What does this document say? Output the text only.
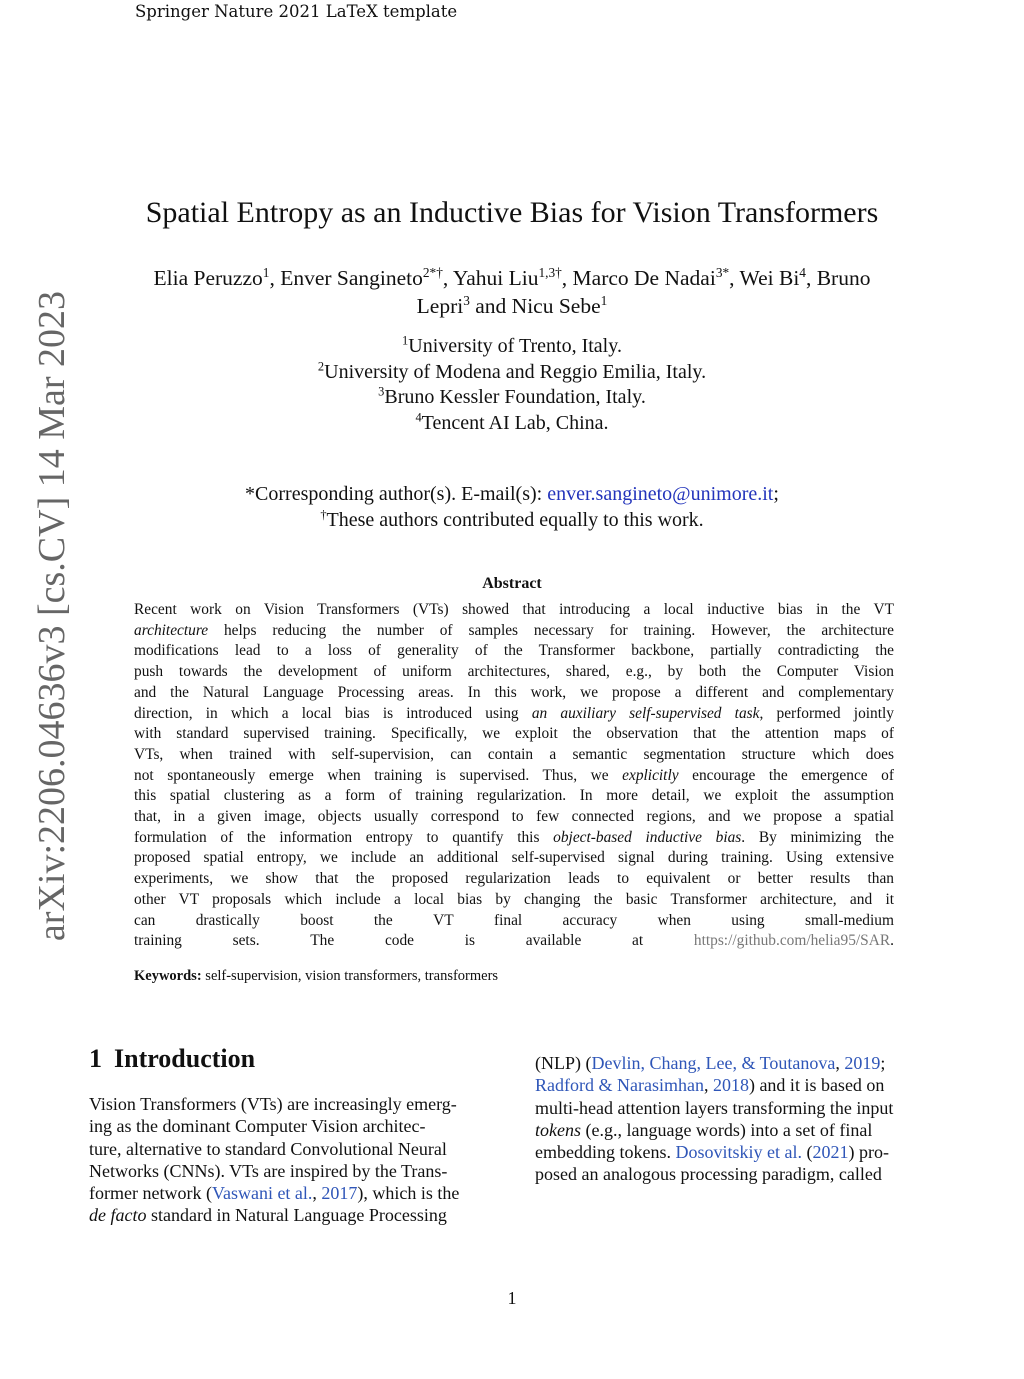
Springer Nature 2021 LaTeX template
arXiv:2206.04636v3 [cs.CV] 14 Mar 2023
Spatial Entropy as an Inductive Bias for Vision Transformers
Elia Peruzzo$^1$, Enver Sangineto$^{2*\dagger}$, Yahui Liu$^{1,3\dagger}$, Marco De Nadai$^{3*}$, Wei Bi$^4$, Bruno
Lepri$^3$ and Nicu Sebe$^1$
$^1$University of Trento, Italy.
$^2$University of Modena and Reggio Emilia, Italy.
$^3$Bruno Kessler Foundation, Italy.
$^4$Tencent AI Lab, China.
*Corresponding author(s). E-mail(s): enver.sangineto@unimore.it;
†These authors contributed equally to this work.
Abstract
Recent work on Vision Transformers (VTs) showed that introducing a local inductive bias in the VT
architecture helps reducing the number of samples necessary for training. However, the architecture
modifications lead to a loss of generality of the Transformer backbone, partially contradicting the
push towards the development of uniform architectures, shared, e.g., by both the Computer Vision
and the Natural Language Processing areas. In this work, we propose a different and complementary
direction, in which a local bias is introduced using an auxiliary self-supervised task, performed jointly
with standard supervised training. Specifically, we exploit the observation that the attention maps of
VTs, when trained with self-supervision, can contain a semantic segmentation structure which does
not spontaneously emerge when training is supervised. Thus, we explicitly encourage the emergence of
this spatial clustering as a form of training regularization. In more detail, we exploit the assumption
that, in a given image, objects usually correspond to few connected regions, and we propose a spatial
formulation of the information entropy to quantify this object-based inductive bias. By minimizing the
proposed spatial entropy, we include an additional self-supervised signal during training. Using extensive
experiments, we show that the proposed regularization leads to equivalent or better results than
other VT proposals which include a local bias by changing the basic Transformer architecture, and it
can	drastically	boost	the	VT	final	accuracy	when	using	small-medium
training	sets.	The	code	is	available	at	https://github.com/helia95/SAR.
Keywords: self-supervision, vision transformers, transformers
1 Introduction
Vision Transformers (VTs) are increasingly emerg-
ing as the dominant Computer Vision architec-
ture, alternative to standard Convolutional Neural
Networks (CNNs). VTs are inspired by the Trans-
former network (Vaswani et al., 2017), which is the
de facto standard in Natural Language Processing
(NLP) (Devlin, Chang, Lee, & Toutanova, 2019;
Radford & Narasimhan, 2018) and it is based on
multi-head attention layers transforming the input
tokens (e.g., language words) into a set of final
embedding tokens. Dosovitskiy et al. (2021) pro-
posed an analogous processing paradigm, called
1
